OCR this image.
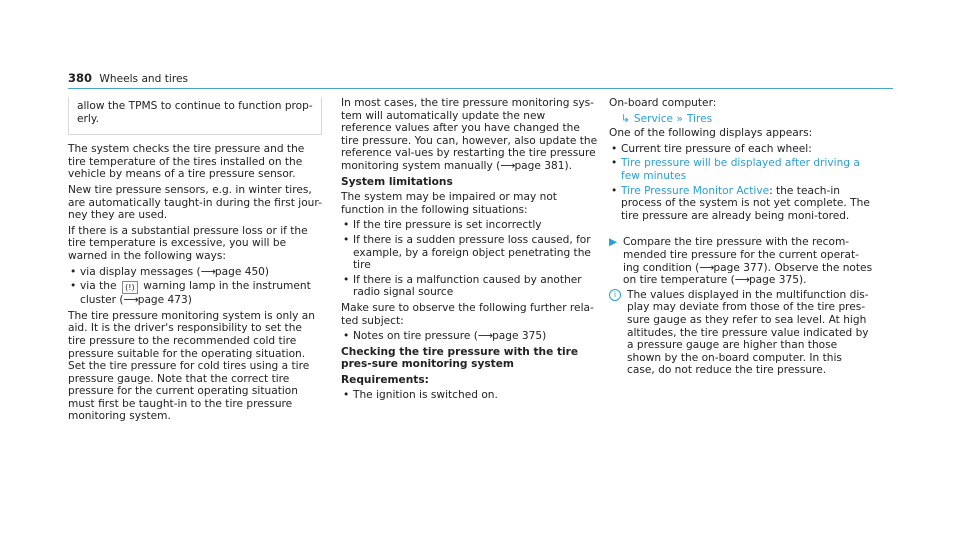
380 Wheels and tires

allow the TPMS to continue to function prop-erly.

The system checks the tire pressure and the tire temperature of the tires installed on the vehicle by means of a tire pressure sensor.

New tire pressure sensors, e.g. in winter tires, are automatically taught-in during the first jour-ney they are used.

If there is a substantial pressure loss or if the tire temperature is excessive, you will be warned in the following ways:

• via display messages (⟶page 450)
• via the (!) warning lamp in the instrument cluster (⟶page 473)

The tire pressure monitoring system is only an aid. It is the driver's responsibility to set the tire pressure to the recommended cold tire pressure suitable for the operating situation. Set the tire pressure for cold tires using a tire pressure gauge. Note that the correct tire pressure for the current operating situation must first be taught-in to the tire pressure monitoring system.

In most cases, the tire pressure monitoring sys-tem will automatically update the new reference values after you have changed the tire pressure. You can, however, also update the reference val-ues by restarting the tire pressure monitoring system manually (⟶page 381).

System limitations

The system may be impaired or may not function in the following situations:

• If the tire pressure is set incorrectly
• If there is a sudden pressure loss caused, for example, by a foreign object penetrating the tire
• If there is a malfunction caused by another radio signal source

Make sure to observe the following further rela-ted subject:

• Notes on tire pressure (⟶page 375)

Checking the tire pressure with the tire pres-sure monitoring system

Requirements:

• The ignition is switched on.

On-board computer:

↳ Service » Tires

One of the following displays appears:

• Current tire pressure of each wheel:
• Tire pressure will be displayed after driving a few minutes
• Tire Pressure Monitor Active: the teach-in process of the system is not yet complete. The tire pressure are already being moni-tored.
▶ Compare the tire pressure with the recom-mended tire pressure for the current operat-ing condition (⟶page 377). Observe the notes on tire temperature (⟶page 375).
i	The values displayed in the multifunction dis-play may deviate from those of the tire pres-sure gauge as they refer to sea level. At high altitudes, the tire pressure value indicated by a pressure gauge are higher than those shown by the on-board computer. In this case, do not reduce the tire pressure.
